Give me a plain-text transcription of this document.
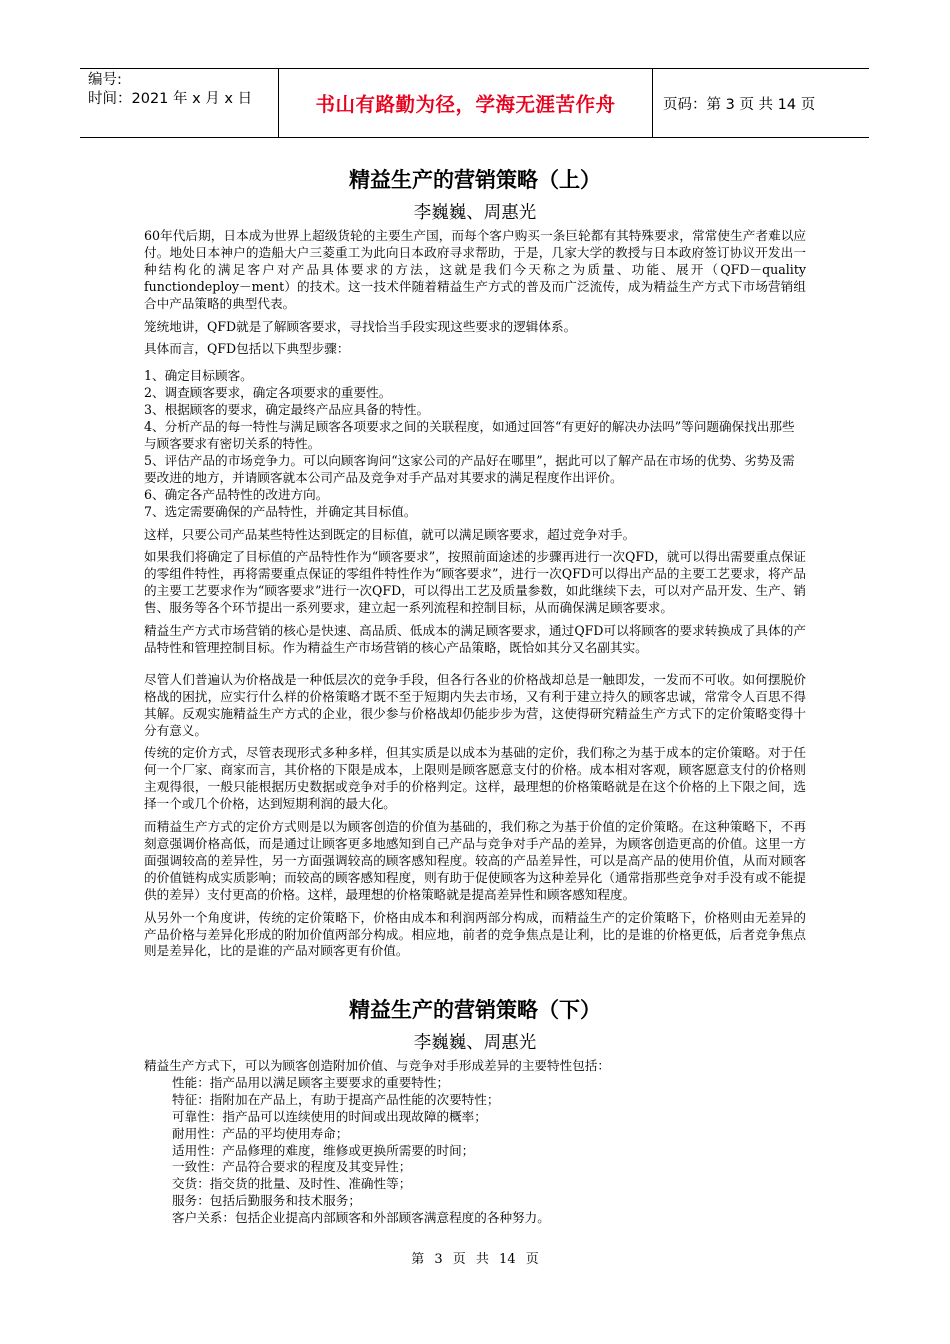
编号:
时间：2021 年 x 月 x 日	书山有路勤为径，学海无涯苦作舟	页码：第 3 页 共 14 页
精益生产的营销策略（上）
李巍巍、周惠光

60年代后期，日本成为世界上超级货轮的主要生产国，而每个客户购买一条巨轮都有其特殊要求，常常使生产者难以应付。地处日本神户的造船大户三菱重工为此向日本政府寻求帮助，于是，几家大学的教授与日本政府签订协议开发出一种结构化的满足客户对产品具体要求的方法，这就是我们今天称之为质量、功能、展开（QFD－quality functiondeploy－ment）的技术。这一技术伴随着精益生产方式的普及而广泛流传，成为精益生产方式下市场营销组合中产品策略的典型代表。

笼统地讲，QFD就是了解顾客要求，寻找恰当手段实现这些要求的逻辑体系。

具体而言，QFD包括以下典型步骤：

1、确定目标顾客。
2、调查顾客要求，确定各项要求的重要性。
3、根据顾客的要求，确定最终产品应具备的特性。
4、分析产品的每一特性与满足顾客各项要求之间的关联程度，如通过回答“有更好的解决办法吗”等问题确保找出那些与顾客要求有密切关系的特性。
5、评估产品的市场竞争力。可以向顾客询问“这家公司的产品好在哪里”，据此可以了解产品在市场的优势、劣势及需要改进的地方，并请顾客就本公司产品及竞争对手产品对其要求的满足程度作出评价。
6、确定各产品特性的改进方向。
7、选定需要确保的产品特性，并确定其目标值。

这样，只要公司产品某些特性达到既定的目标值，就可以满足顾客要求，超过竞争对手。

如果我们将确定了目标值的产品特性作为“顾客要求”，按照前面途述的步骤再进行一次QFD，就可以得出需要重点保证的零组件特性，再将需要重点保证的零组件特性作为“顾客要求”，进行一次QFD可以得出产品的主要工艺要求，将产品的主要工艺要求作为“顾客要求”进行一次QFD，可以得出工艺及质量参数，如此继续下去，可以对产品开发、生产、销售、服务等各个环节提出一系列要求，建立起一系列流程和控制目标，从而确保满足顾客要求。

精益生产方式市场营销的核心是快速、高品质、低成本的满足顾客要求，通过QFD可以将顾客的要求转换成了具体的产品特性和管理控制目标。作为精益生产市场营销的核心产品策略，既恰如其分又名副其实。

尽管人们普遍认为价格战是一种低层次的竞争手段，但各行各业的价格战却总是一触即发，一发而不可收。如何摆脱价格战的困扰，应实行什么样的价格策略才既不至于短期内失去市场，又有利于建立持久的顾客忠诚，常常令人百思不得其解。反观实施精益生产方式的企业，很少参与价格战却仍能步步为营，这使得研究精益生产方式下的定价策略变得十分有意义。

传统的定价方式，尽管表现形式多种多样，但其实质是以成本为基础的定价，我们称之为基于成本的定价策略。对于任何一个厂家、商家而言，其价格的下限是成本，上限则是顾客愿意支付的价格。成本相对客观，顾客愿意支付的价格则主观得很，一般只能根据历史数据或竞争对手的价格判定。这样，最理想的价格策略就是在这个价格的上下限之间，选择一个或几个价格，达到短期利润的最大化。

而精益生产方式的定价方式则是以为顾客创造的价值为基础的，我们称之为基于价值的定价策略。在这种策略下，不再刻意强调价格高低，而是通过让顾客更多地感知到自己产品与竞争对手产品的差异，为顾客创造更高的价值。这里一方面强调较高的差异性，另一方面强调较高的顾客感知程度。较高的产品差异性，可以是高产品的使用价值，从而对顾客的价值链构成实质影响；而较高的顾客感知程度，则有助于促使顾客为这种差异化（通常指那些竞争对手没有或不能提供的差异）支付更高的价格。这样，最理想的价格策略就是提高差异性和顾客感知程度。

从另外一个角度讲，传统的定价策略下，价格由成本和利润两部分构成，而精益生产的定价策略下，价格则由无差异的产品价格与差异化形成的附加价值两部分构成。相应地，前者的竞争焦点是让利，比的是谁的价格更低，后者竞争焦点则是差异化，比的是谁的产品对顾客更有价值。

精益生产的营销策略（下）
李巍巍、周惠光
精益生产方式下，可以为顾客创造附加价值、与竞争对手形成差异的主要特性包括：
性能：指产品用以满足顾客主要要求的重要特性；
特征：指附加在产品上，有助于提高产品性能的次要特性；
可靠性：指产品可以连续使用的时间或出现故障的概率；
耐用性：产品的平均使用寿命；
适用性：产品修理的难度，维修或更换所需要的时间；
一致性：产品符合要求的程度及其变异性；
交货：指交货的批量、及时性、准确性等；
服务：包括后勤服务和技术服务；
客户关系：包括企业提高内部顾客和外部顾客满意程度的各种努力。
第 3 页 共 14 页
